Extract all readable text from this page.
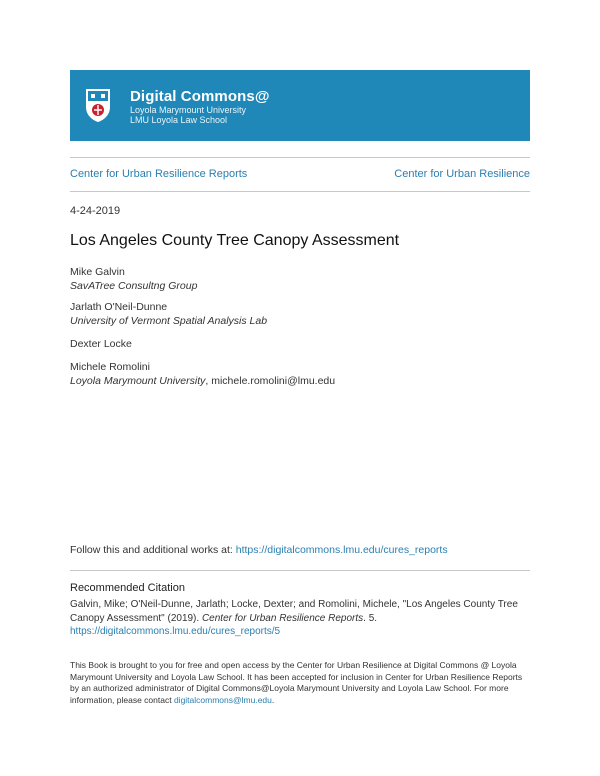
Digital Commons@
Loyola Marymount University
LMU Loyola Law School
Center for Urban Resilience Reports	Center for Urban Resilience
4-24-2019
Los Angeles County Tree Canopy Assessment
Mike Galvin
SavATree Consultng Group
Jarlath O'Neil-Dunne
University of Vermont Spatial Analysis Lab
Dexter Locke
Michele Romolini
Loyola Marymount University, michele.romolini@lmu.edu
Follow this and additional works at: https://digitalcommons.lmu.edu/cures_reports
Recommended Citation
Galvin, Mike; O'Neil-Dunne, Jarlath; Locke, Dexter; and Romolini, Michele, "Los Angeles County Tree Canopy Assessment" (2019). Center for Urban Resilience Reports. 5.
https://digitalcommons.lmu.edu/cures_reports/5
This Book is brought to you for free and open access by the Center for Urban Resilience at Digital Commons @ Loyola Marymount University and Loyola Law School. It has been accepted for inclusion in Center for Urban Resilience Reports by an authorized administrator of Digital Commons@Loyola Marymount University and Loyola Law School. For more information, please contact digitalcommons@lmu.edu.
